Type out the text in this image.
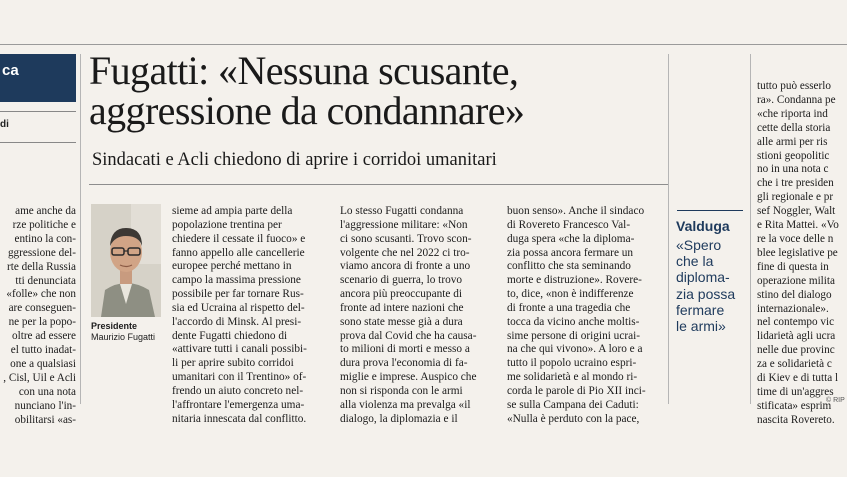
ca
di
ame anche da
rze politiche e
entino la con-
ggressione del-
rte della Russia
tti denunciata
«folle» che non
are conseguen-
ne per la popo-
oltre ad essere
el tutto inadat-
one a qualsiasi
, Cisl, Uil e Acli
con una nota
nunciano l'in-
obilitarsi «as-
Fugatti: «Nessuna scusante,
aggressione da condannare»
Sindacati e Acli chiedono di aprire i corridoi umanitari
Presidente
Maurizio Fugatti
sieme ad ampia parte della
popolazione trentina per
chiedere il cessate il fuoco» e
fanno appello alle cancellerie
europee perché mettano in
campo la massima pressione
possibile per far tornare Rus-
sia ed Ucraina al rispetto del-
l'accordo di Minsk. Al presi-
dente Fugatti chiedono di
«attivare tutti i canali possibi-
li per aprire subito corridoi
umanitari con il Trentino» of-
frendo un aiuto concreto nel-
l'affrontare l'emergenza uma-
nitaria innescata dal conflitto.
Lo stesso Fugatti condanna
l'aggressione militare: «Non
ci sono scusanti. Trovo scon-
volgente che nel 2022 ci tro-
viamo ancora di fronte a uno
scenario di guerra, lo trovo
ancora più preoccupante di
fronte ad intere nazioni che
sono state messe già a dura
prova dal Covid che ha causa-
to milioni di morti e messo a
dura prova l'economia di fa-
miglie e imprese. Auspico che
non si risponda con le armi
alla violenza ma prevalga «il
dialogo, la diplomazia e il
buon senso». Anche il sindaco
di Rovereto Francesco Val-
duga spera «che la diploma-
zia possa ancora fermare un
conflitto che sta seminando
morte e distruzione». Rovere-
to, dice, «non è indifferenze
di fronte a una tragedia che
tocca da vicino anche moltis-
sime persone di origini ucrai-
na che qui vivono». A loro e a
tutto il popolo ucraino espri-
me solidarietà e al mondo ri-
corda le parole di Pio XII inci-
se sulla Campana dei Caduti:
«Nulla è perduto con la pace,
Valduga
«Spero
che la
diploma-
zia possa
fermare
le armi»
tutto può esserlo
ra». Condanna pe
«che riporta ind
cette della storia
alle armi per ris
stioni geopolitic
no in una nota c
che i tre presiden
gli regionale e pr
sef Noggler, Walt
e Rita Mattei. «Vo
re la voce delle n
blee legislative pe
fine di questa in
operazione milita
stino del dialogo
internazionale».
nel contempo vic
lidarietà agli ucra
nelle due provinc
za e solidarietà c
di Kiev e di tutta l
time di un'aggres
stificata» esprim
nascita Rovereto.
© RIP
